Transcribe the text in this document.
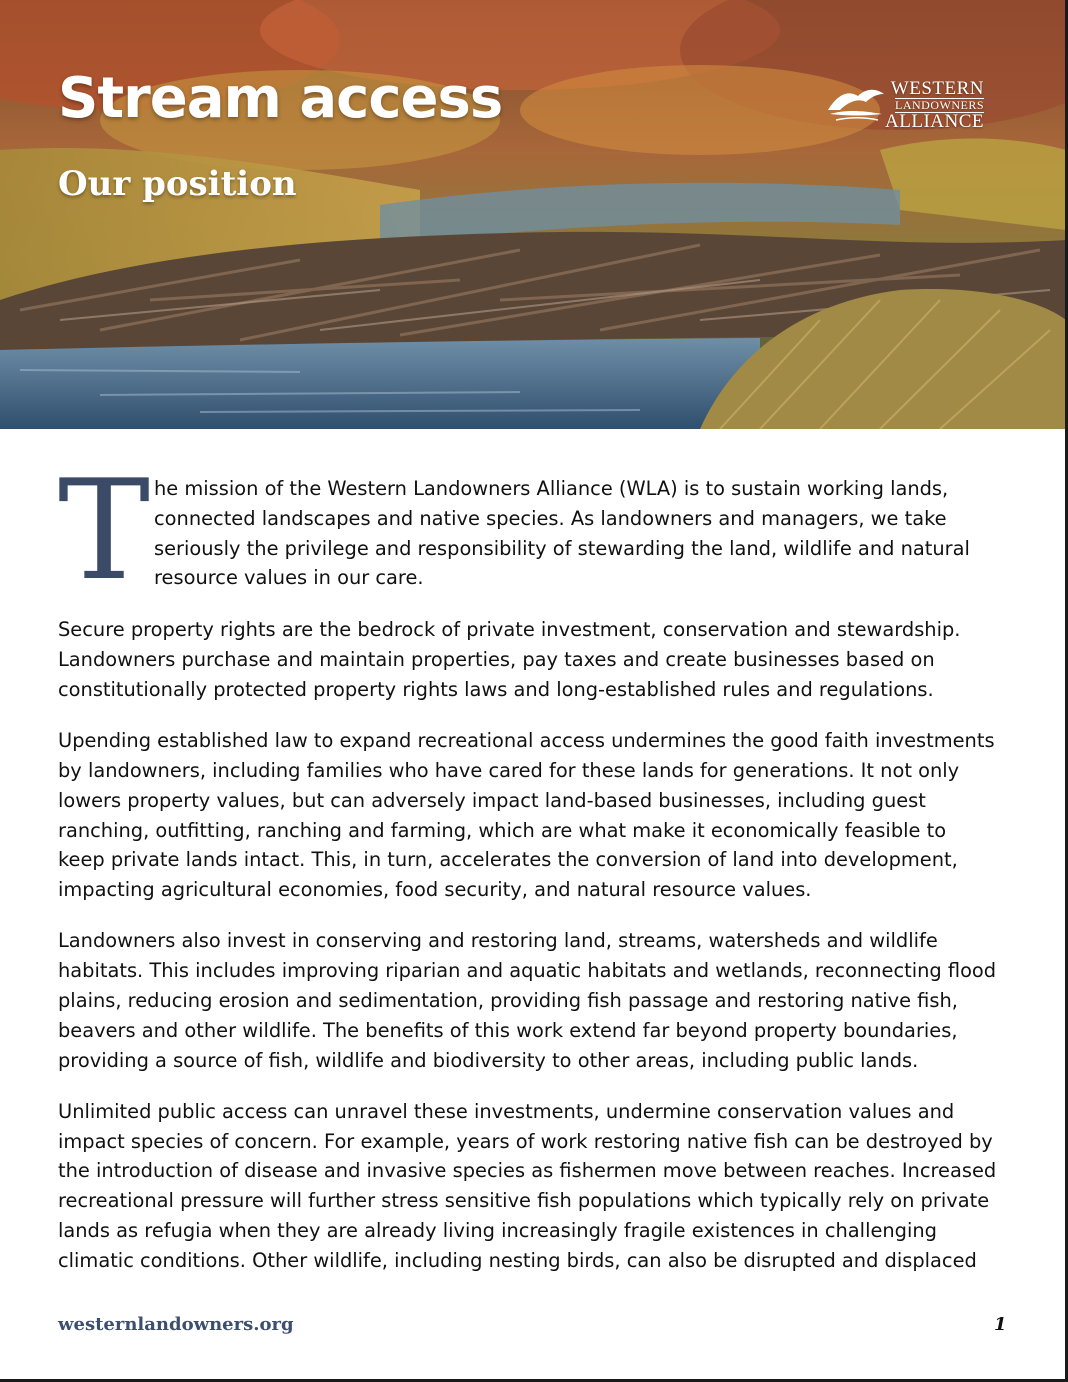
Stream access
Our position
WESTERN
LANDOWNERS
ALLIANCE

T he mission of the Western Landowners Alliance (WLA) is to sustain working lands, connected landscapes and native species. As landowners and managers, we take seriously the privilege and responsibility of stewarding the land, wildlife and natural resource values in our care.

Secure property rights are the bedrock of private investment, conservation and stewardship. Landowners purchase and maintain properties, pay taxes and create businesses based on constitutionally protected property rights laws and long-established rules and regulations.

Upending established law to expand recreational access undermines the good faith investments by landowners, including families who have cared for these lands for generations. It not only lowers property values, but can adversely impact land-based businesses, including guest ranching, outfitting, ranching and farming, which are what make it economically feasible to keep private lands intact. This, in turn, accelerates the conversion of land into development, impacting agricultural economies, food security, and natural resource values.

Landowners also invest in conserving and restoring land, streams, watersheds and wildlife habitats. This includes improving riparian and aquatic habitats and wetlands, reconnecting flood plains, reducing erosion and sedimentation, providing fish passage and restoring native fish, beavers and other wildlife. The benefits of this work extend far beyond property boundaries, providing a source of fish, wildlife and biodiversity to other areas, including public lands.

Unlimited public access can unravel these investments, undermine conservation values and impact species of concern. For example, years of work restoring native fish can be destroyed by the introduction of disease and invasive species as fishermen move between reaches. Increased recreational pressure will further stress sensitive fish populations which typically rely on private lands as refugia when they are already living increasingly fragile existences in challenging climatic conditions. Other wildlife, including nesting birds, can also be disrupted and displaced

westernlandowners.org	1
